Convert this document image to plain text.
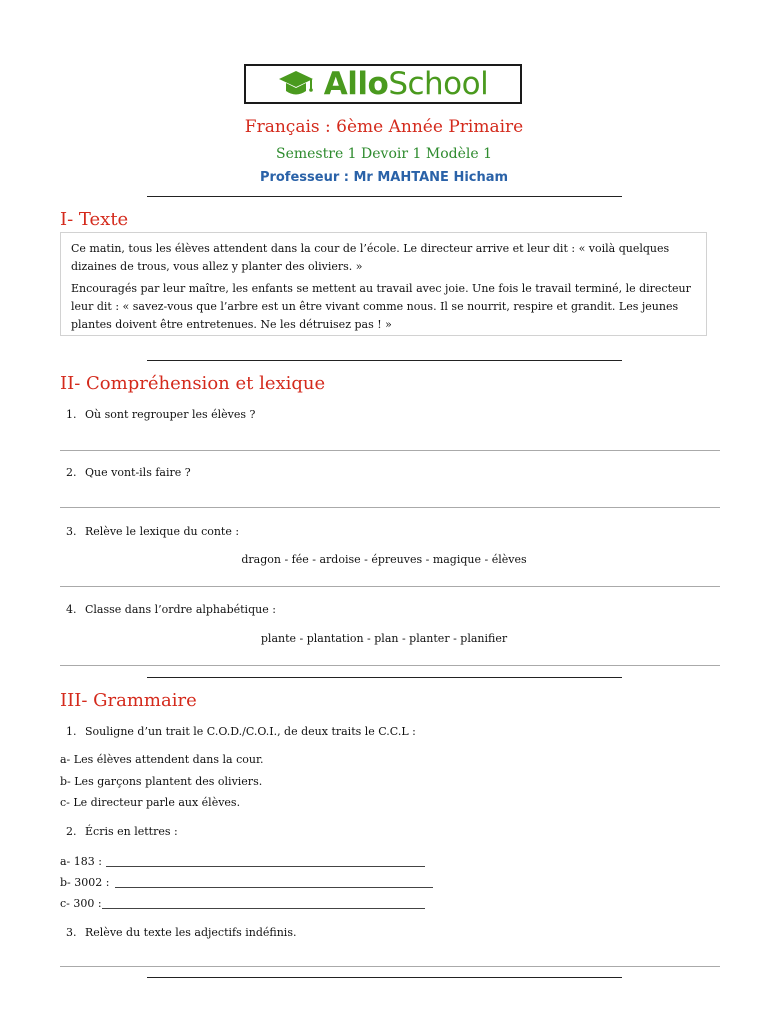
AlloSchool
Français : 6ème Année Primaire
Semestre 1 Devoir 1 Modèle 1
Professeur : Mr MAHTANE Hicham
I- Texte

Ce matin, tous les élèves attendent dans la cour de l’école. Le directeur arrive et leur dit : « voilà quelques
dizaines de trous, vous allez y planter des oliviers. »

Encouragés par leur maître, les enfants se mettent au travail avec joie. Une fois le travail terminé, le directeur
leur dit : « savez-vous que l’arbre est un être vivant comme nous. Il se nourrit, respire et grandit. Les jeunes
plantes doivent être entretenues. Ne les détruisez pas ! »

II- Compréhension et lexique
1. Où sont regrouper les élèves ?
2. Que vont-ils faire ?
3. Relève le lexique du conte :
dragon - fée - ardoise - épreuves - magique - élèves
4. Classe dans l’ordre alphabétique :
plante - plantation - plan - planter - planifier
III- Grammaire
1. Souligne d’un trait le C.O.D./C.O.I., de deux traits le C.C.L :
a- Les élèves attendent dans la cour.
b- Les garçons plantent des oliviers.
c- Le directeur parle aux élèves.
2. Écris en lettres :
a- 183 :
b- 3002 :
c- 300 :
3. Relève du texte les adjectifs indéfinis.
